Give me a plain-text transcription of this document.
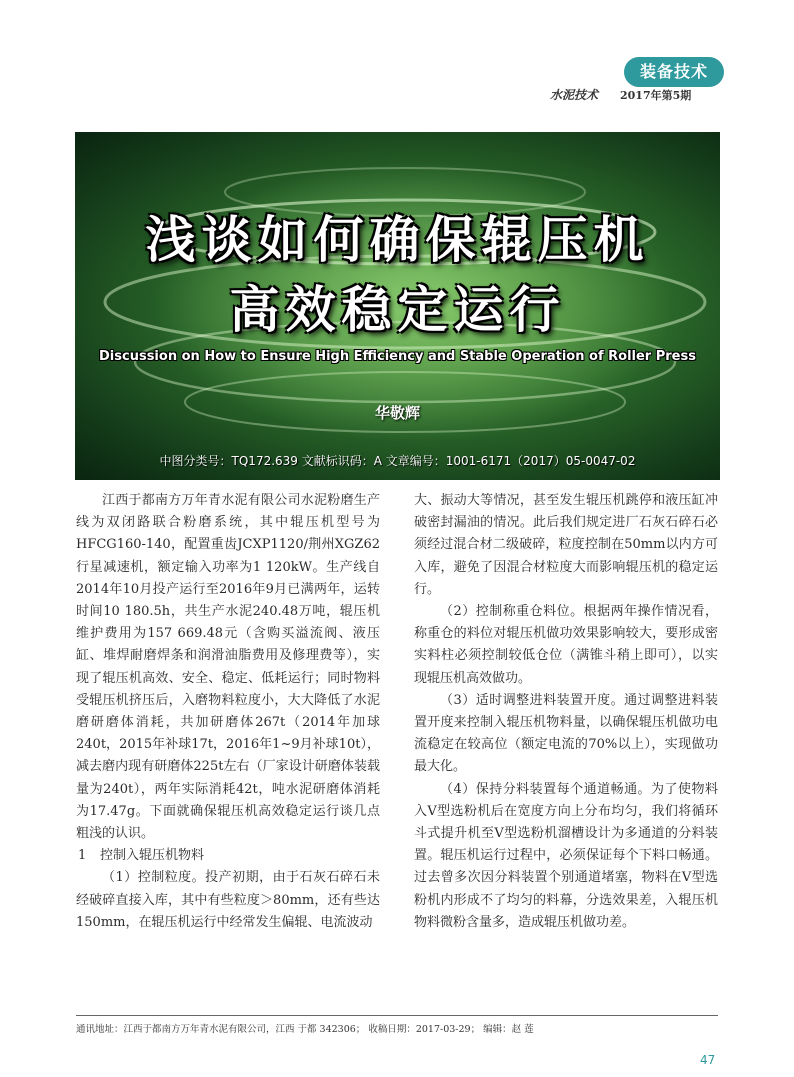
装备技术
水泥技术 2017年第5期
浅谈如何确保辊压机
高效稳定运行
Discussion on How to Ensure High Efficiency and Stable Operation of Roller Press
华敬辉
中图分类号：TQ172.639 文献标识码：A 文章编号：1001-6171（2017）05-0047-02

江西于都南方万年青水泥有限公司水泥粉磨生产线为双闭路联合粉磨系统，其中辊压机型号为HFCG160-140，配置重齿JCXP1120/荆州XGZ62行星减速机，额定输入功率为1 120kW。生产线自2014年10月投产运行至2016年9月已满两年，运转时间10 180.5h，共生产水泥240.48万吨，辊压机维护费用为157 669.48元（含购买溢流阀、液压缸、堆焊耐磨焊条和润滑油脂费用及修理费等），实现了辊压机高效、安全、稳定、低耗运行；同时物料受辊压机挤压后，入磨物料粒度小，大大降低了水泥磨研磨体消耗，共加研磨体267t（2014年加球240t，2015年补球17t，2016年1~9月补球10t），减去磨内现有研磨体225t左右（厂家设计研磨体装载量为240t），两年实际消耗42t，吨水泥研磨体消耗为17.47g。下面就确保辊压机高效稳定运行谈几点粗浅的认识。

1 控制入辊压机物料

（1）控制粒度。投产初期，由于石灰石碎石未经破碎直接入库，其中有些粒度＞80mm，还有些达150mm，在辊压机运行中经常发生偏辊、电流波动

大、振动大等情况，甚至发生辊压机跳停和液压缸冲破密封漏油的情况。此后我们规定进厂石灰石碎石必须经过混合材二级破碎，粒度控制在50mm以内方可入库，避免了因混合材粒度大而影响辊压机的稳定运行。

（2）控制称重仓料位。根据两年操作情况看，称重仓的料位对辊压机做功效果影响较大，要形成密实料柱必须控制较低仓位（满锥斗稍上即可），以实现辊压机高效做功。

（3）适时调整进料装置开度。通过调整进料装置开度来控制入辊压机物料量，以确保辊压机做功电流稳定在较高位（额定电流的70%以上），实现做功最大化。

（4）保持分料装置每个通道畅通。为了使物料入V型选粉机后在宽度方向上分布均匀，我们将循环斗式提升机至V型选粉机溜槽设计为多通道的分料装置。辊压机运行过程中，必须保证每个下料口畅通。过去曾多次因分料装置个别通道堵塞，物料在V型选粉机内形成不了均匀的料幕，分选效果差，入辊压机物料微粉含量多，造成辊压机做功差。

通讯地址：江西于都南方万年青水泥有限公司，江西 于都 342306； 收稿日期：2017-03-29； 编辑：赵 莲
47
